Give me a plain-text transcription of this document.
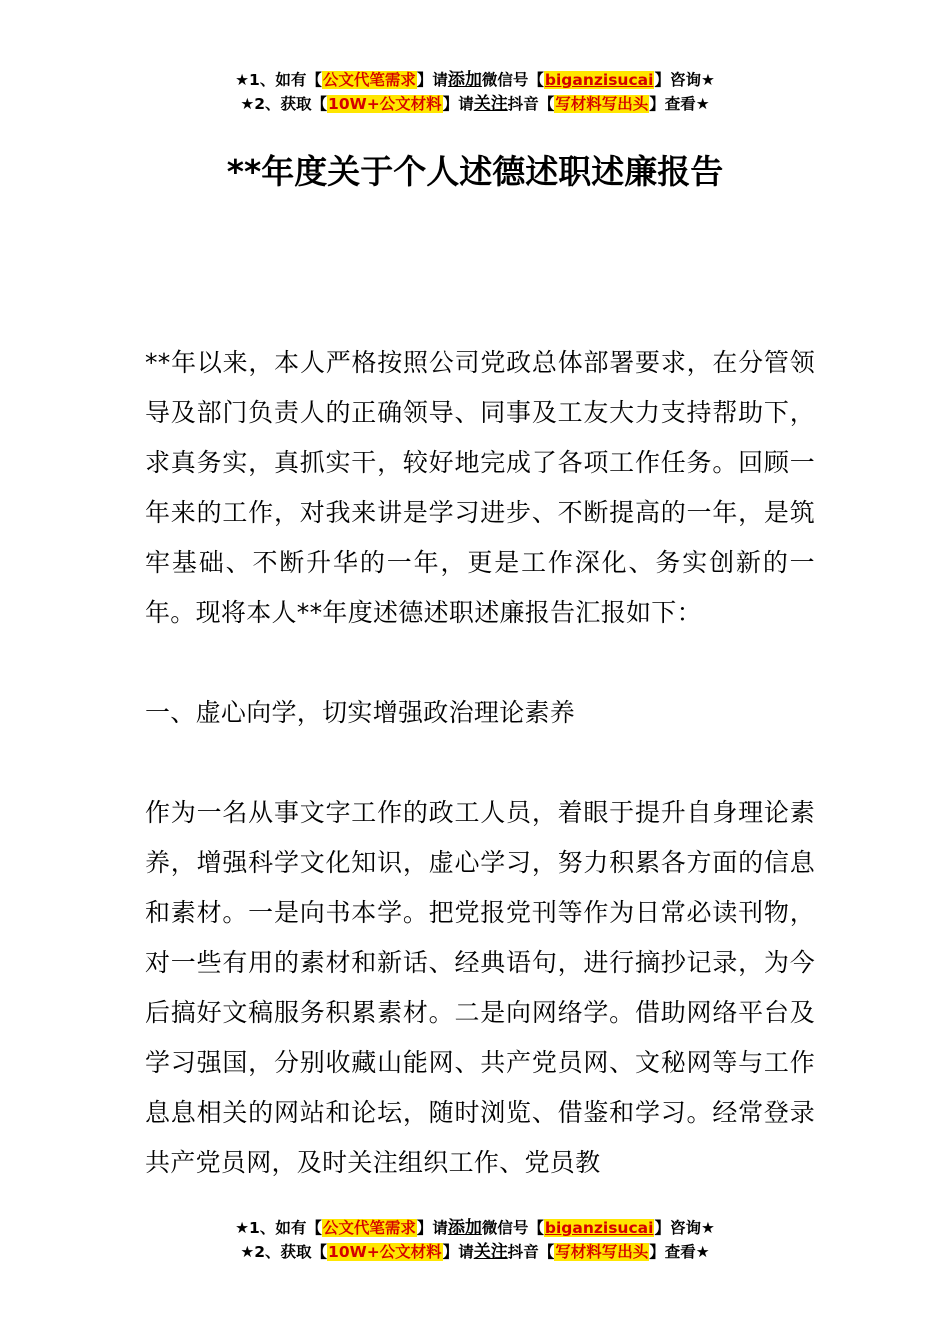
★1、如有【公文代笔需求】请添加微信号【biganzisucai】咨询★
★2、获取【10W+公文材料】请关注抖音【写材料写出头】查看★
**年度关于个人述德述职述廉报告

**年以来，本人严格按照公司党政总体部署要求，在分管领导及部门负责人的正确领导、同事及工友大力支持帮助下，求真务实，真抓实干，较好地完成了各项工作任务。回顾一年来的工作，对我来讲是学习进步、不断提高的一年，是筑牢基础、不断升华的一年，更是工作深化、务实创新的一年。现将本人**年度述德述职述廉报告汇报如下：

一、虚心向学，切实增强政治理论素养

作为一名从事文字工作的政工人员，着眼于提升自身理论素养，增强科学文化知识，虚心学习，努力积累各方面的信息和素材。一是向书本学。把党报党刊等作为日常必读刊物，对一些有用的素材和新话、经典语句，进行摘抄记录，为今后搞好文稿服务积累素材。二是向网络学。借助网络平台及学习强国，分别收藏山能网、共产党员网、文秘网等与工作息息相关的网站和论坛，随时浏览、借鉴和学习。经常登录共产党员网，及时关注组织工作、党员教

★1、如有【公文代笔需求】请添加微信号【biganzisucai】咨询★
★2、获取【10W+公文材料】请关注抖音【写材料写出头】查看★
